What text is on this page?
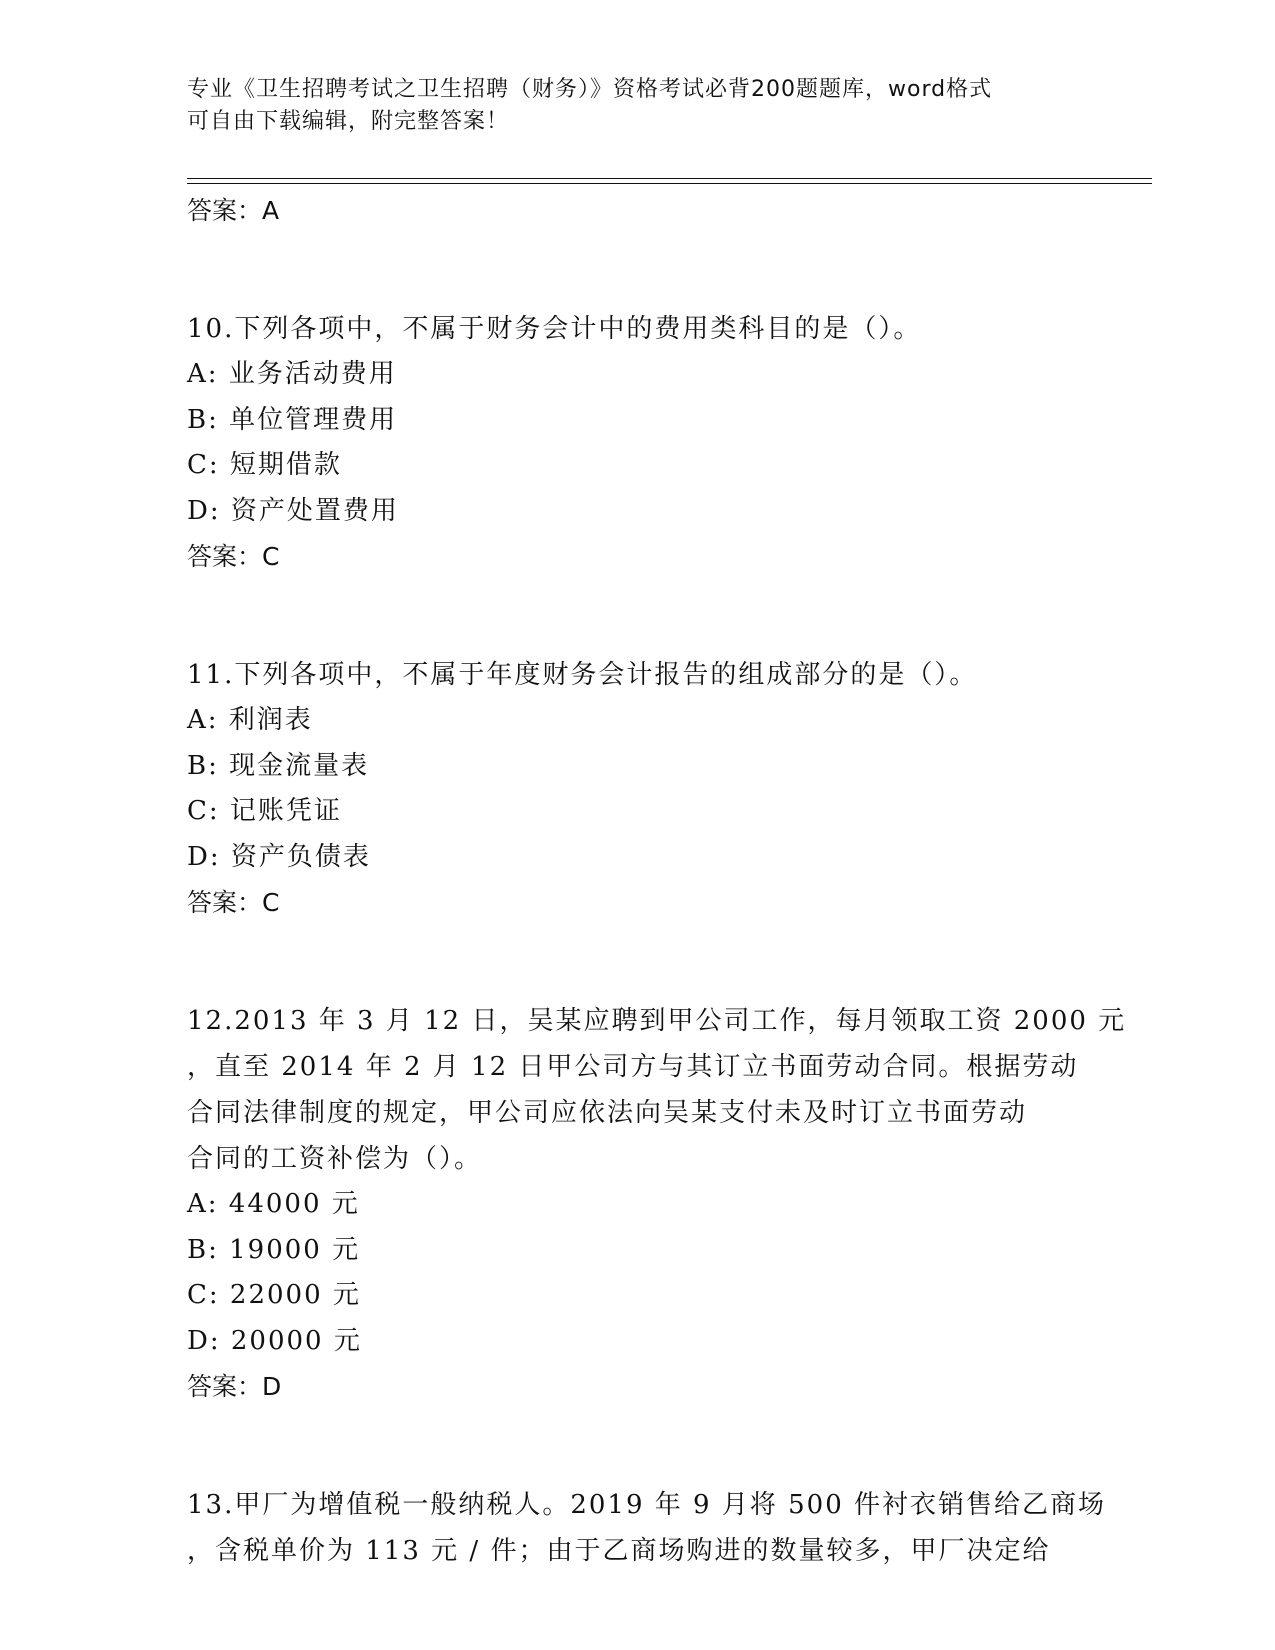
专业《卫生招聘考试之卫生招聘（财务）》资格考试必背200题题库，word格式
可自由下载编辑，附完整答案！
答案：A
10.下列各项中，不属于财务会计中的费用类科目的是（）。
A: 业务活动费用
B: 单位管理费用
C: 短期借款
D: 资产处置费用
答案：C
11.下列各项中，不属于年度财务会计报告的组成部分的是（）。
A: 利润表
B: 现金流量表
C: 记账凭证
D: 资产负债表
答案：C
12.2013 年 3 月 12 日，吴某应聘到甲公司工作，每月领取工资 2000 元
，直至 2014 年 2 月 12 日甲公司方与其订立书面劳动合同。根据劳动
合同法律制度的规定，甲公司应依法向吴某支付未及时订立书面劳动
合同的工资补偿为（）。
A: 44000 元
B: 19000 元
C: 22000 元
D: 20000 元
答案：D
13.甲厂为增值税一般纳税人。2019 年 9 月将 500 件衬衣销售给乙商场
，含税单价为 113 元 / 件；由于乙商场购进的数量较多，甲厂决定给
